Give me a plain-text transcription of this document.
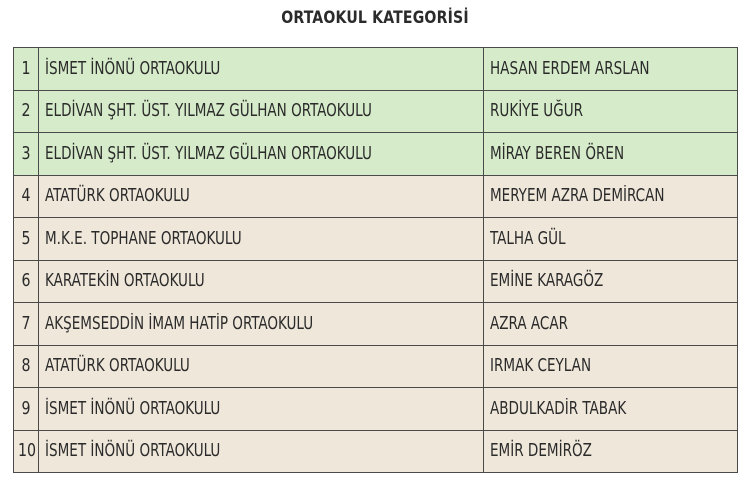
ORTAOKUL KATEGORİSİ
1	İSMET İNÖNÜ ORTAOKULU	HASAN ERDEM ARSLAN
2	ELDİVAN ŞHT. ÜST. YILMAZ GÜLHAN ORTAOKULU	RUKİYE UĞUR
3	ELDİVAN ŞHT. ÜST. YILMAZ GÜLHAN ORTAOKULU	MİRAY BEREN ÖREN
4	ATATÜRK ORTAOKULU	MERYEM AZRA DEMİRCAN
5	M.K.E. TOPHANE ORTAOKULU	TALHA GÜL
6	KARATEKİN ORTAOKULU	EMİNE KARAGÖZ
7	AKŞEMSEDDİN İMAM HATİP ORTAOKULU	AZRA ACAR
8	ATATÜRK ORTAOKULU	IRMAK CEYLAN
9	İSMET İNÖNÜ ORTAOKULU	ABDULKADİR TABAK
10	İSMET İNÖNÜ ORTAOKULU	EMİR DEMİRÖZ
